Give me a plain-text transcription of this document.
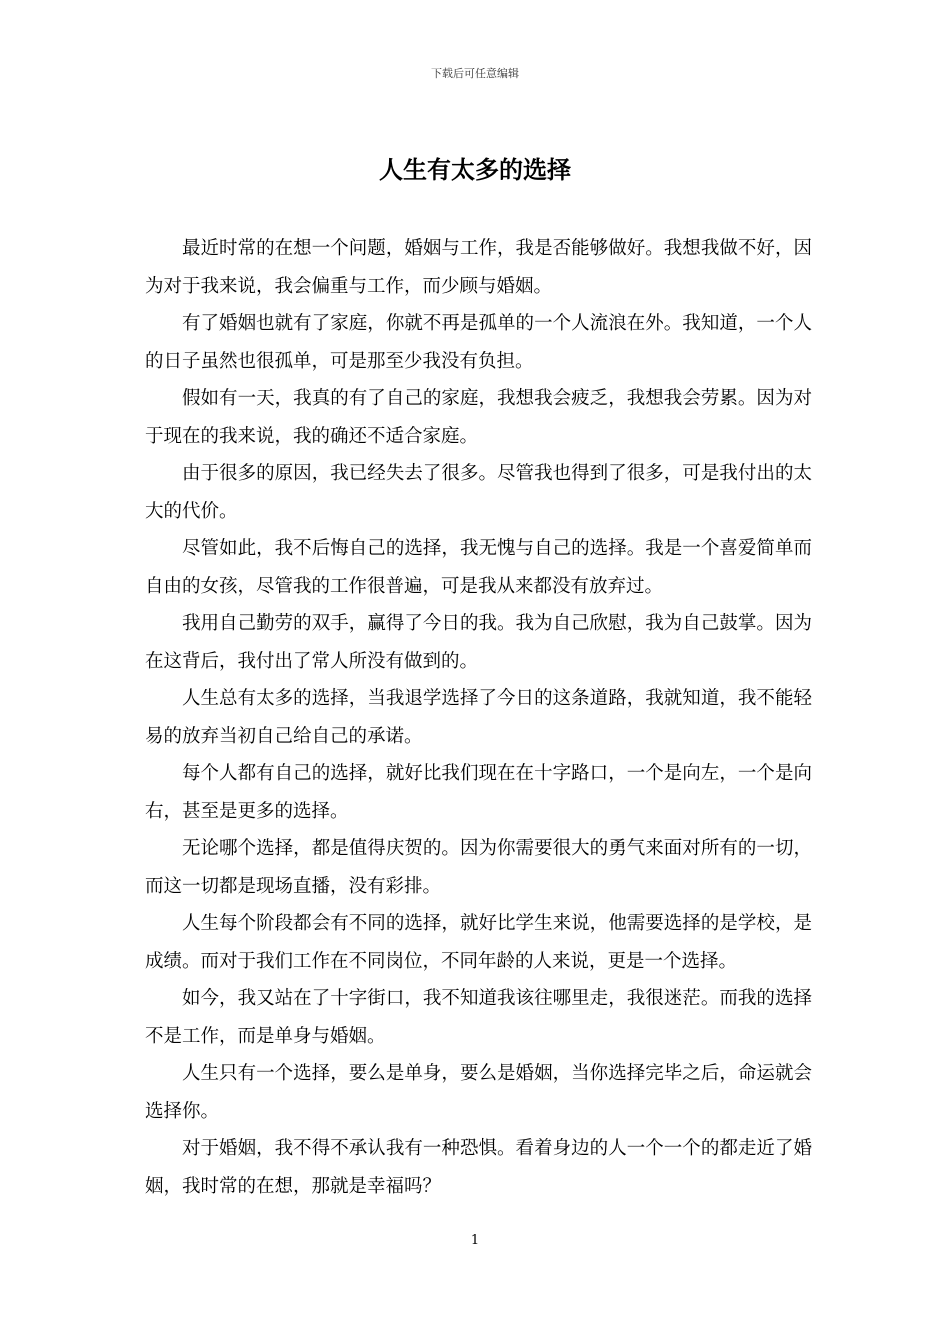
下载后可任意编辑
人生有太多的选择

最近时常的在想一个问题，婚姻与工作，我是否能够做好。我想我做不好，因为对于我来说，我会偏重与工作，而少顾与婚姻。

有了婚姻也就有了家庭，你就不再是孤单的一个人流浪在外。我知道，一个人的日子虽然也很孤单，可是那至少我没有负担。

假如有一天，我真的有了自己的家庭，我想我会疲乏，我想我会劳累。因为对于现在的我来说，我的确还不适合家庭。

由于很多的原因，我已经失去了很多。尽管我也得到了很多，可是我付出的太大的代价。

尽管如此，我不后悔自己的选择，我无愧与自己的选择。我是一个喜爱简单而自由的女孩，尽管我的工作很普遍，可是我从来都没有放弃过。

我用自己勤劳的双手，赢得了今日的我。我为自己欣慰，我为自己鼓掌。因为在这背后，我付出了常人所没有做到的。

人生总有太多的选择，当我退学选择了今日的这条道路，我就知道，我不能轻易的放弃当初自己给自己的承诺。

每个人都有自己的选择，就好比我们现在在十字路口，一个是向左，一个是向右，甚至是更多的选择。

无论哪个选择，都是值得庆贺的。因为你需要很大的勇气来面对所有的一切，而这一切都是现场直播，没有彩排。

人生每个阶段都会有不同的选择，就好比学生来说，他需要选择的是学校，是成绩。而对于我们工作在不同岗位，不同年龄的人来说，更是一个选择。

如今，我又站在了十字街口，我不知道我该往哪里走，我很迷茫。而我的选择不是工作，而是单身与婚姻。

人生只有一个选择，要么是单身，要么是婚姻，当你选择完毕之后，命运就会选择你。

对于婚姻，我不得不承认我有一种恐惧。看着身边的人一个一个的都走近了婚姻，我时常的在想，那就是幸福吗？

1
